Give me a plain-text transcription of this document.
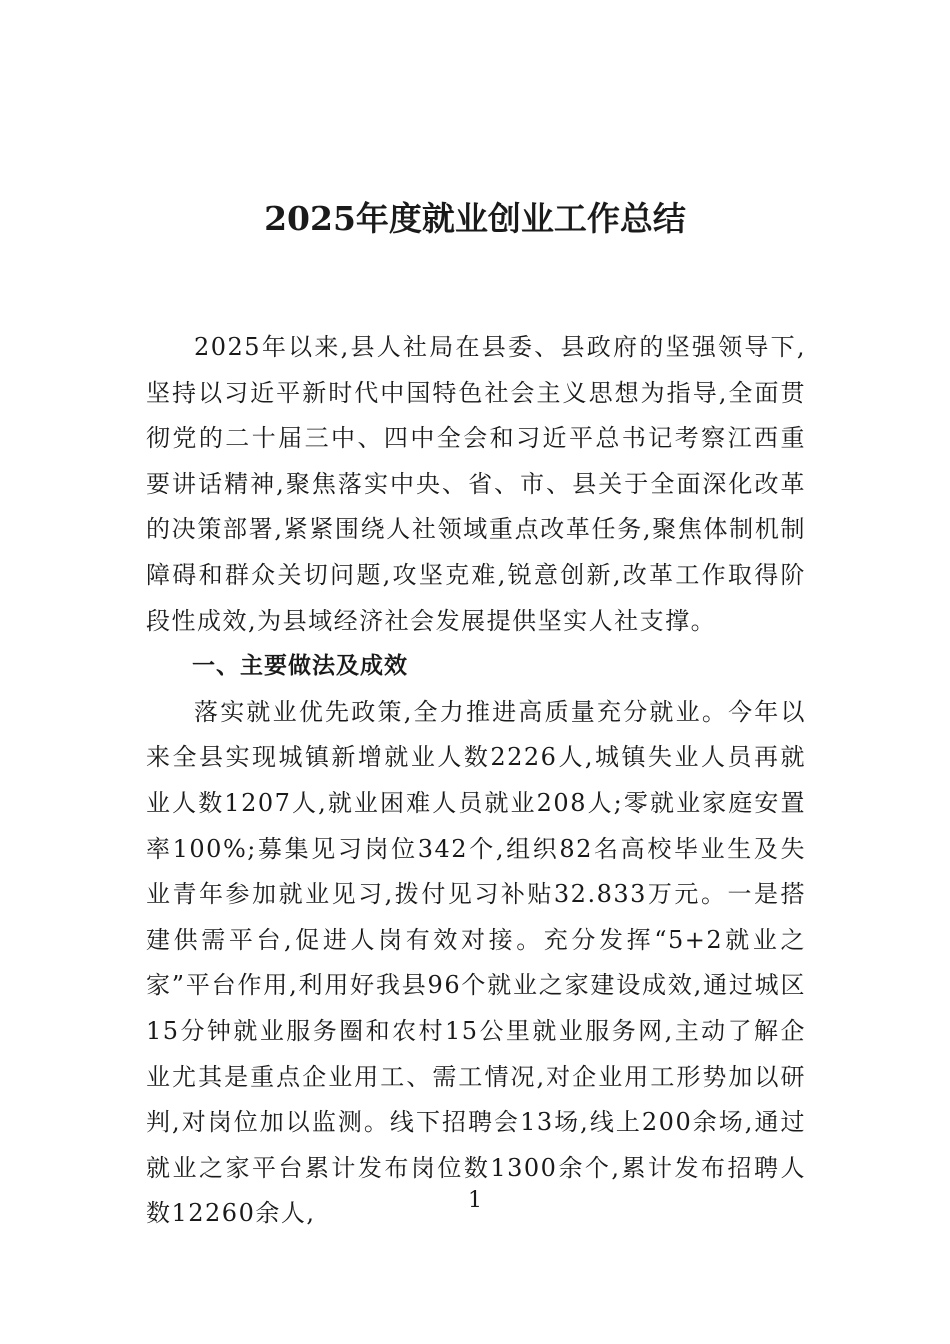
2025年度就业创业工作总结

2025年以来,县人社局在县委、县政府的坚强领导下,坚持以习近平新时代中国特色社会主义思想为指导,全面贯彻党的二十届三中、四中全会和习近平总书记考察江西重要讲话精神,聚焦落实中央、省、市、县关于全面深化改革的决策部署,紧紧围绕人社领域重点改革任务,聚焦体制机制障碍和群众关切问题,攻坚克难,锐意创新,改革工作取得阶段性成效,为县域经济社会发展提供坚实人社支撑。

一、主要做法及成效

落实就业优先政策,全力推进高质量充分就业。今年以来全县实现城镇新增就业人数2226人,城镇失业人员再就业人数1207人,就业困难人员就业208人;零就业家庭安置率100%;募集见习岗位342个,组织82名高校毕业生及失业青年参加就业见习,拨付见习补贴32.833万元。一是搭建供需平台,促进人岗有效对接。充分发挥“5+2就业之家”平台作用,利用好我县96个就业之家建设成效,通过城区15分钟就业服务圈和农村15公里就业服务网,主动了解企业尤其是重点企业用工、需工情况,对企业用工形势加以研判,对岗位加以监测。线下招聘会13场,线上200余场,通过就业之家平台累计发布岗位数1300余个,累计发布招聘人数12260余人,	1
